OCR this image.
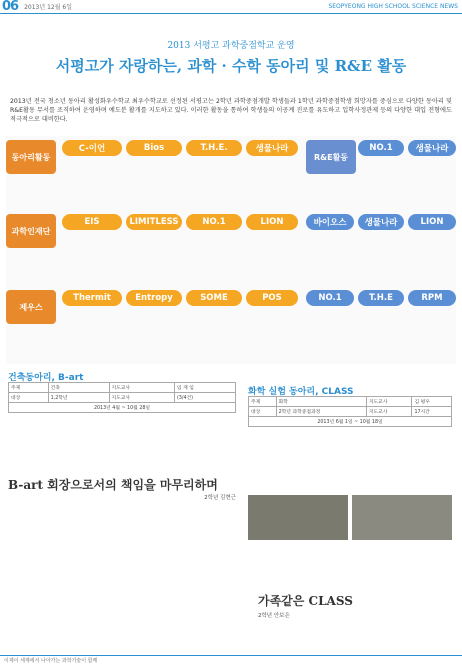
06 2013년 12월 6일	SEOPYEONG HIGH SCHOOL SCIENCE NEWS
2013 서평고 과학중점학교 운영
서평고가 자랑하는, 과학 · 수학 동아리 및 R&E 활동
2013년 전국 청소년 동아리 활성화우수학교 최우수학교로 선정된 서평고는 2학년 과학중점개발 학생들과 1학년 과학중점학생 희망자를 중심으로 다양한 동아리 및 R&E활동 무서를 조직하여 운영하며 예도분 활개를 지도하고 있다. 이러한 활동을 통하여 학생들의 이공계 진로를 유도하고 입학사정관제 등의 다양한 대입 전형에도 적극적으로 대비한다.
동아리활동
C-이언	Bios	T.H.E.	생물나라
R&E활동
NO.1	생물나라
과학인재단
EIS	LIMITLESS	NO.1	LION	바이오스	생물나라	LION
제우스
Thermit	Entropy	SOME	POS	NO.1	T.H.E	RPM
건축동아리, B-art
주제	건축	지도교사	임 재 임
대상	1,2학년	지도교사	(3/4건)
2013년 4월 ~ 10월 28일			
B-art 회장으로서의 책임을 마무리하며
2학년 김현근
화학 실험 동아리, CLASS
주제	화학	지도교사	김 평우
대상	2학년 과학중점과정	지도교사	17시간
2013년 6월 1일 ~ 10월 18일			
가족같은 CLASS
2학년 안보은
이제이 세계에서 나아가는 과학기술이 함께
